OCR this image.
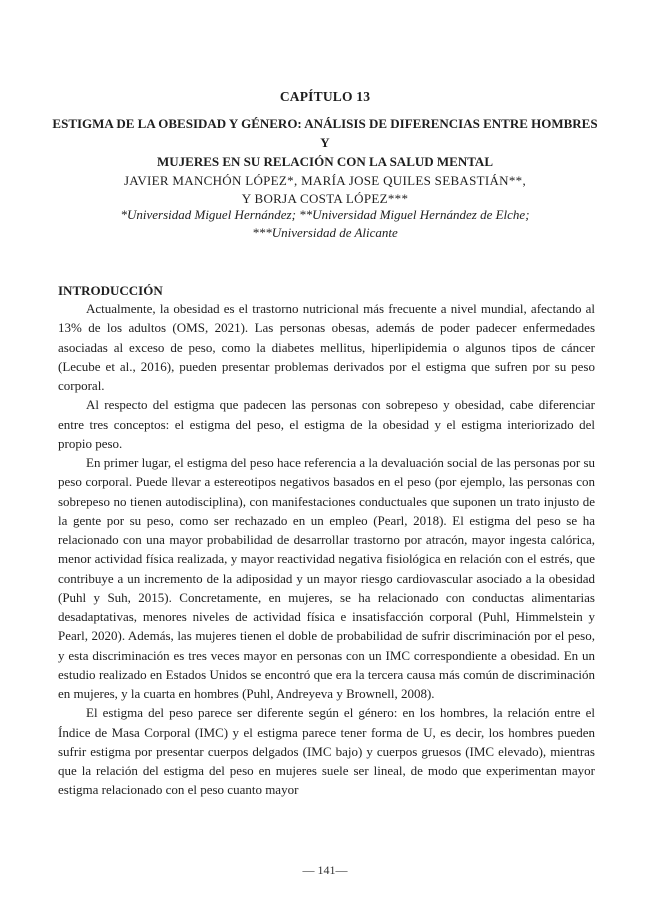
CAPÍTULO 13
ESTIGMA DE LA OBESIDAD Y GÉNERO: ANÁLISIS DE DIFERENCIAS ENTRE HOMBRES Y
MUJERES EN SU RELACIÓN CON LA SALUD MENTAL
JAVIER MANCHÓN LÓPEZ*, MARÍA JOSE QUILES SEBASTIÁN**,
Y BORJA COSTA LÓPEZ***
*Universidad Miguel Hernández; **Universidad Miguel Hernández de Elche;
***Universidad de Alicante
INTRODUCCIÓN

Actualmente, la obesidad es el trastorno nutricional más frecuente a nivel mundial, afectando al 13% de los adultos (OMS, 2021). Las personas obesas, además de poder padecer enfermedades asociadas al exceso de peso, como la diabetes mellitus, hiperlipidemia o algunos tipos de cáncer (Lecube et al., 2016), pueden presentar problemas derivados por el estigma que sufren por su peso corporal.

Al respecto del estigma que padecen las personas con sobrepeso y obesidad, cabe diferenciar entre tres conceptos: el estigma del peso, el estigma de la obesidad y el estigma interiorizado del propio peso.

En primer lugar, el estigma del peso hace referencia a la devaluación social de las personas por su peso corporal. Puede llevar a estereotipos negativos basados en el peso (por ejemplo, las personas con sobrepeso no tienen autodisciplina), con manifestaciones conductuales que suponen un trato injusto de la gente por su peso, como ser rechazado en un empleo (Pearl, 2018). El estigma del peso se ha relacionado con una mayor probabilidad de desarrollar trastorno por atracón, mayor ingesta calórica, menor actividad física realizada, y mayor reactividad negativa fisiológica en relación con el estrés, que contribuye a un incremento de la adiposidad y un mayor riesgo cardiovascular asociado a la obesidad (Puhl y Suh, 2015). Concretamente, en mujeres, se ha relacionado con conductas alimentarias desadaptativas, menores niveles de actividad física e insatisfacción corporal (Puhl, Himmelstein y Pearl, 2020). Además, las mujeres tienen el doble de probabilidad de sufrir discriminación por el peso, y esta discriminación es tres veces mayor en personas con un IMC correspondiente a obesidad. En un estudio realizado en Estados Unidos se encontró que era la tercera causa más común de discriminación en mujeres, y la cuarta en hombres (Puhl, Andreyeva y Brownell, 2008).

El estigma del peso parece ser diferente según el género: en los hombres, la relación entre el Índice de Masa Corporal (IMC) y el estigma parece tener forma de U, es decir, los hombres pueden sufrir estigma por presentar cuerpos delgados (IMC bajo) y cuerpos gruesos (IMC elevado), mientras que la relación del estigma del peso en mujeres suele ser lineal, de modo que experimentan mayor estigma relacionado con el peso cuanto mayor

— 141—
